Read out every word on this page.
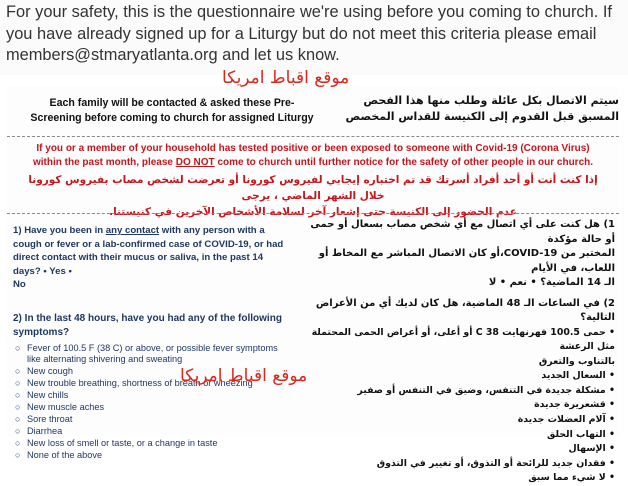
For your safety, this is the questionnaire we're using before you coming to church. If you have already signed up for a Liturgy but do not meet this criteria please email members@stmaryatlanta.org and let us know.

Each family will be contacted & asked these Pre-
Screening before coming to church for assigned Liturgy
سيتم الاتصال بكل عائلة وطلب منها هذا الفحص
المسبق قبل القدوم إلى الكنيسة للقداس المخصص
If you or a member of your household has tested positive or been exposed to someone with Covid-19 (Corona Virus)
within the past month, please DO NOT come to church until further notice for the safety of other people in our church.
إذا كنت أنت أو أحد أفراد أسرتك قد تم اختباره إيجابي لفيروس كورونا أو تعرضت لشخص مصاب بفيروس كورونا خلال الشهر الماضي ، يرجى
عدم الحضور إلى الكنيسة حتى إشعار آخر لسلامة الأشخاص الآخرين في كنيستنا.
1) Have you been in any contact with any person with a cough or fever or a lab-confirmed case of COVID-19, or had direct contact with their mucus or saliva, in the past 14 days? • Yes •
No
2) In the last 48 hours, have you had any of the following symptoms?
○ Fever of 100.5 F (38 C) or above, or possible fever symptoms like alternating shivering and sweating
○ New cough
○ New trouble breathing, shortness of breath or wheezing
○ New chills
○ New muscle aches
○ Sore throat
○ Diarrhea
○ New loss of smell or taste, or a change in taste
○ None of the above
1) هل كنت على أي اتصال مع أي شخص مصاب بسعال أو حمى أو حالة مؤكدة
المختبر من COVID-19،أو كان الاتصال المباشر مع المخاط أو اللعاب، في الأيام
الـ 14 الماضية؟ • نعم • لا
2) في الساعات الـ 48 الماضية، هل كان لديك أي من الأعراض التالية؟
• حمى 100.5 فهرنهايت C 38 أو أعلى، أو أعراض الحمى المحتملة مثل الرعشة
بالتناوب والتعرق
• السعال الجديد
• مشكلة جديدة في التنفس، وضيق في التنفس أو صفير
• قشعريرة جديدة
• آلام العضلات جديدة
• التهاب الحلق
• الإسهال
• فقدان جديد للرائحة أو التذوق، أو تغيير في التذوق
• لا شيء مما سبق
موقع اقباط امريكا
موقع اقباط امريكا
